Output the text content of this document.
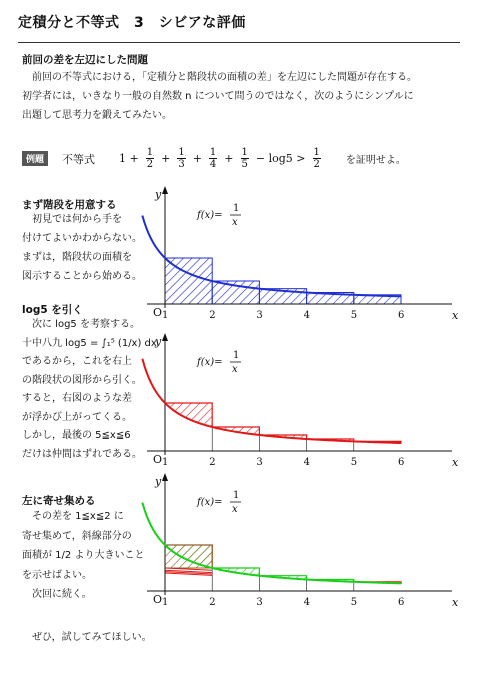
定積分と不等式　3　シビアな評価
前回の差を左辺にした問題
　前回の不等式における，「定積分と階段状の面積の差」を左辺にした問題が存在する。
初学者には，いきなり一般の自然数 n について問うのではなく，次のようにシンプルに
出題して思考力を鍛えてみたい。
例題	不等式 $1 + \frac{1}{2} + \frac{1}{3} + \frac{1}{4} + \frac{1}{5} - \log 5 > \frac{1}{2}$	を証明せよ。
まず階段を用意する
　初見では何から手を
付けてよいかわからない。
まずは，階段状の面積を
図示することから始める。
log5 を引く
　次に log5 を考察する。
十中八九 log5 = ∫₁⁵ (1/x) dx
であるから，これを右上
の階段状の図形から引く。
すると，右図のような差
が浮かび上がってくる。
しかし，最後の 5≦x≦6
だけは仲間はずれである。
左に寄せ集める
　その差を 1≦x≦2 に
寄せ集めて，斜線部分の
面積が 1/2 より大きいこと
を示せばよい。
　次回に続く。
ぜひ，試してみてほしい。
O
y
x
1	2	3	4	5	6
f(x)=
1
x
O
y
x
1	2	3	4	5	6
f(x)=
1
x
O
y
x
1	2	3	4	5	6
f(x)=
1
x
